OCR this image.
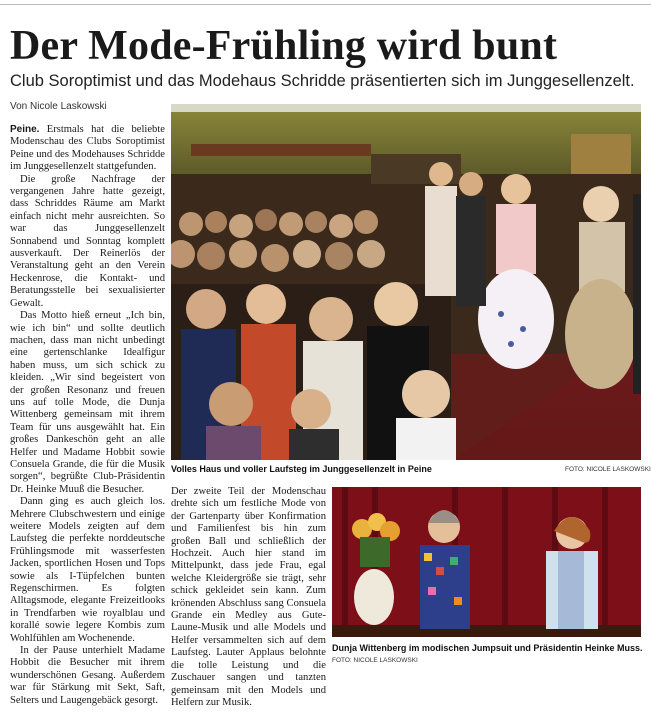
Der Mode-Frühling wird bunt
Club Soroptimist und das Modehaus Schridde präsentierten sich im Junggesellenzelt.
Von Nicole Laskowski

Peine. Erstmals hat die beliebte Modenschau des Clubs Soroptimist Peine und des Modehauses Schridde im Junggesellenzelt stattgefunden.

Die große Nachfrage der vergangenen Jahre hatte gezeigt, dass Schriddes Räume am Markt einfach nicht mehr ausreichten. So war das Junggesellenzelt Sonnabend und Sonntag komplett ausverkauft. Der Reinerlös der Veranstaltung geht an den Verein Heckenrose, die Kontakt- und Beratungsstelle bei sexualisierter Gewalt.

Das Motto hieß erneut „Ich bin, wie ich bin“ und sollte deutlich machen, dass man nicht unbedingt eine gertenschlanke Idealfigur haben muss, um sich schick zu kleiden. „Wir sind begeistert von der großen Resonanz und freuen uns auf tolle Mode, die Dunja Wittenberg gemeinsam mit ihrem Team für uns ausgewählt hat. Ein großes Dankeschön geht an alle Helfer und Madame Hobbit sowie Consuela Grande, die für die Musik sorgen“, begrüßte Club-Präsidentin Dr. Heinke Muuß die Besucher.

Dann ging es auch gleich los. Mehrere Clubschwestern und einige weitere Models zeigten auf dem Laufsteg die perfekte norddeutsche Frühlingsmode mit wasserfesten Jacken, sportlichen Hosen und Tops sowie als I-Tüpfelchen bunten Regenschirmen. Es folgten Alltagsmode, elegante Freizeitlooks in Trendfarben wie royalblau und korallé sowie legere Kombis zum Wohlfühlen am Wochenende.

In der Pause unterhielt Madame Hobbit die Besucher mit ihrem wunderschönen Gesang. Außerdem war für Stärkung mit Sekt, Saft, Selters und Laugengebäck gesorgt.

Volles Haus und voller Laufsteg im Junggesellenzelt in Peine	FOTO: NICOLE LASKOWSKI

Der zweite Teil der Modenschau drehte sich um festliche Mode von der Gartenparty über Konfirmation und Familienfest bis hin zum großen Ball und schließlich der Hochzeit. Auch hier stand im Mittelpunkt, dass jede Frau, egal welche Kleidergröße sie trägt, sehr schick gekleidet sein kann. Zum krönenden Abschluss sang Consuela Grande ein Medley aus Gute-Laune-Musik und alle Models und Helfer versammelten sich auf dem Laufsteg. Lauter Applaus belohnte die tolle Leistung und die Zuschauer sangen und tanzten gemeinsam mit den Models und Helfern zur Musik.

Dunja Wittenberg im modischen Jumpsuit und Präsidentin Heinke Muss.
FOTO: NICOLE LASKOWSKI
